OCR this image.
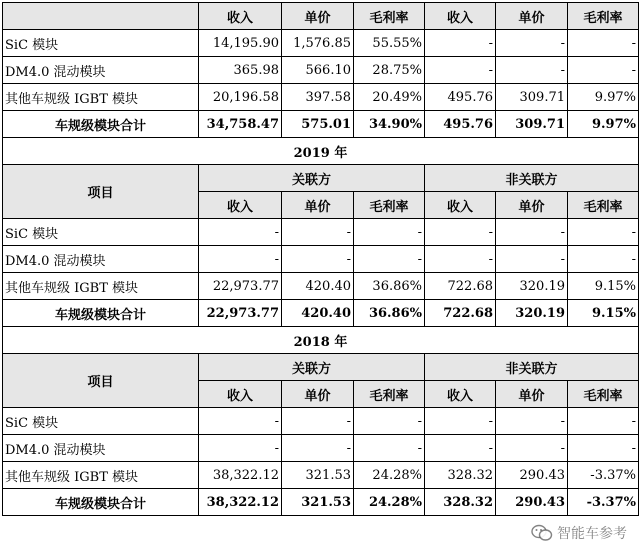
	收入	单价	毛利率	收入	单价	毛利率
SiC 模块	14,195.90	1,576.85	55.55%	-	-	-
DM4.0 混动模块	365.98	566.10	28.75%	-	-	-
其他车规级 IGBT 模块	20,196.58	397.58	20.49%	495.76	309.71	9.97%
车规级模块合计	34,758.47	575.01	34.90%	495.76	309.71	9.97%
2019 年						
项目	关联方			非关联方		
	收入	单价	毛利率	收入	单价	毛利率
SiC 模块	-	-	-	-	-	-
DM4.0 混动模块	-	-	-	-	-	-
其他车规级 IGBT 模块	22,973.77	420.40	36.86%	722.68	320.19	9.15%
车规级模块合计	22,973.77	420.40	36.86%	722.68	320.19	9.15%
2018 年						
项目	关联方			非关联方		
	收入	单价	毛利率	收入	单价	毛利率
SiC 模块	-	-	-	-	-	-
DM4.0 混动模块	-	-	-	-	-	-
其他车规级 IGBT 模块	38,322.12	321.53	24.28%	328.32	290.43	-3.37%
车规级模块合计	38,322.12	321.53	24.28%	328.32	290.43	-3.37%
智能车参考
